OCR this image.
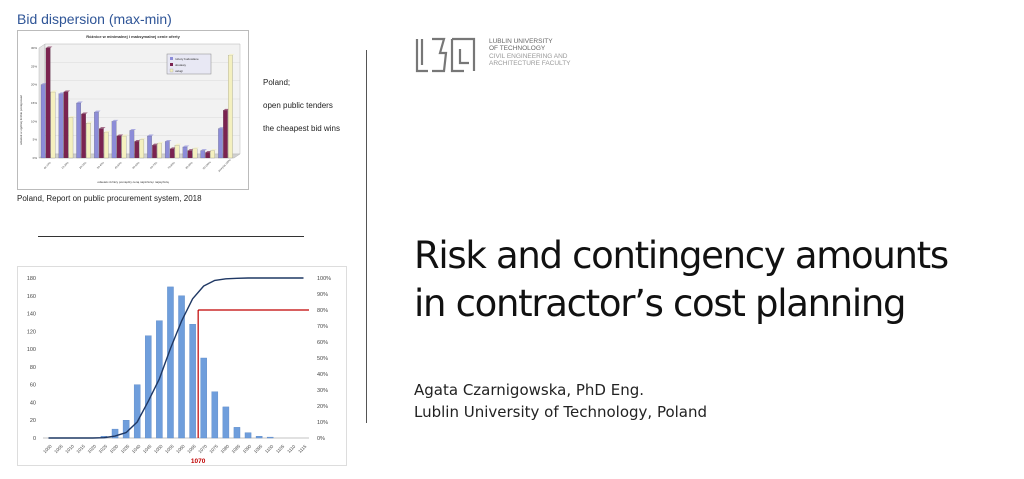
Bid dispersion (max-min)
Różnice w minimalnej i maksymalnej cenie oferty
odsetek w ogólnej liczbie postępowań
odsetek różnicy pomiędzy ceną najniższą i najwyższą
0%
5%
10%
15%
20%
25%
30%
do 10%	10-20%	20-30%	30-40%	40-50%	50-60%	60-70%	70-80%	80-90%	90-100% powyżej 100%
roboty budowlane
dostawy
usługi
Poland;
open public tenders
the cheapest bid wins
Poland, Report on public procurement system, 2018
0
20
40
60
80
100
120
140
160
180
0%
10%
20%
30%
40%
50%
60%
70%
80%
90%
100%
1000 1005 1010 1015 1020 1025 1030 1035 1040 1045 1050 1055 1060 1065 1070 1075 1080 1085 1090 1095 1100 1105 1110 1115
1070
LUBLIN UNIVERSITY
OF TECHNOLOGY
CIVIL ENGINEERING AND
ARCHITECTURE FACULTY
Risk and contingency amounts
in contractor’s cost planning
Agata Czarnigowska, PhD Eng.
Lublin University of Technology, Poland
